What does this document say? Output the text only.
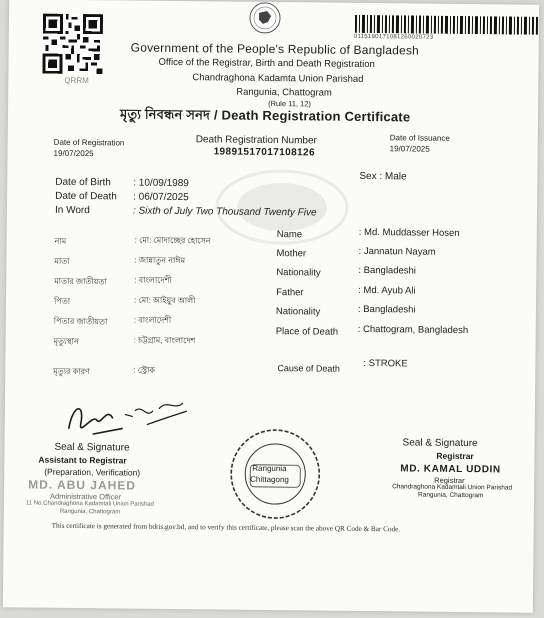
QRRM
0115190171081260020723
Government of the People's Republic of Bangladesh
Office of the Registrar, Birth and Death Registration
Chandraghona Kadamta Union Parishad
Rangunia, Chattogram
(Rule 11, 12)
মৃত্যু নিবন্ধন সনদ / Death Registration Certificate
Date of Registration
19/07/2025
Death Registration Number
19891517017108126
Date of Issuance
19/07/2025
Sex : Male
Date of Birth : 10/09/1989
Date of Death : 06/07/2025
In Word	: Sixth of July Two Thousand Twenty Five
নাম	: মো: মোদাচ্ছের হোসেন
Name	: Md. Muddasser Hosen
মাতা	: জান্নাতুন নাঈম
Mother	: Jannatun Nayam
মাতার জাতীয়তা	: বাংলাদেশী
Nationality	: Bangladeshi
পিতা	: মো: আইয়ুব আলী
Father	: Md. Ayub Ali
পিতার জাতীয়তা	: বাংলাদেশী
Nationality	: Bangladeshi
মৃত্যুস্থান	: চট্টগ্রাম, বাংলাদেশ
Place of Death : Chattogram, Bangladesh
মৃত্যুর কারণ	: স্ট্রোক	Cause of Death : STROKE
Seal & Signature
Assistant to Registrar
(Preparation, Verification)
MD. ABU JAHED
Administrative Officer
11 No.Chandraghona Kadamtali Union Parishad
Rangunia, Chattogram
Rangunia
Chittagong
Seal & Signature
Registrar
MD. KAMAL UDDIN
Registrar
Chandraghona Kadamtali Union Parishad
Rangunia, Chattogram
This certificate is generated from bdris.gov.bd, and to verify this certificate, please scan the above QR Code & Bar Code.
